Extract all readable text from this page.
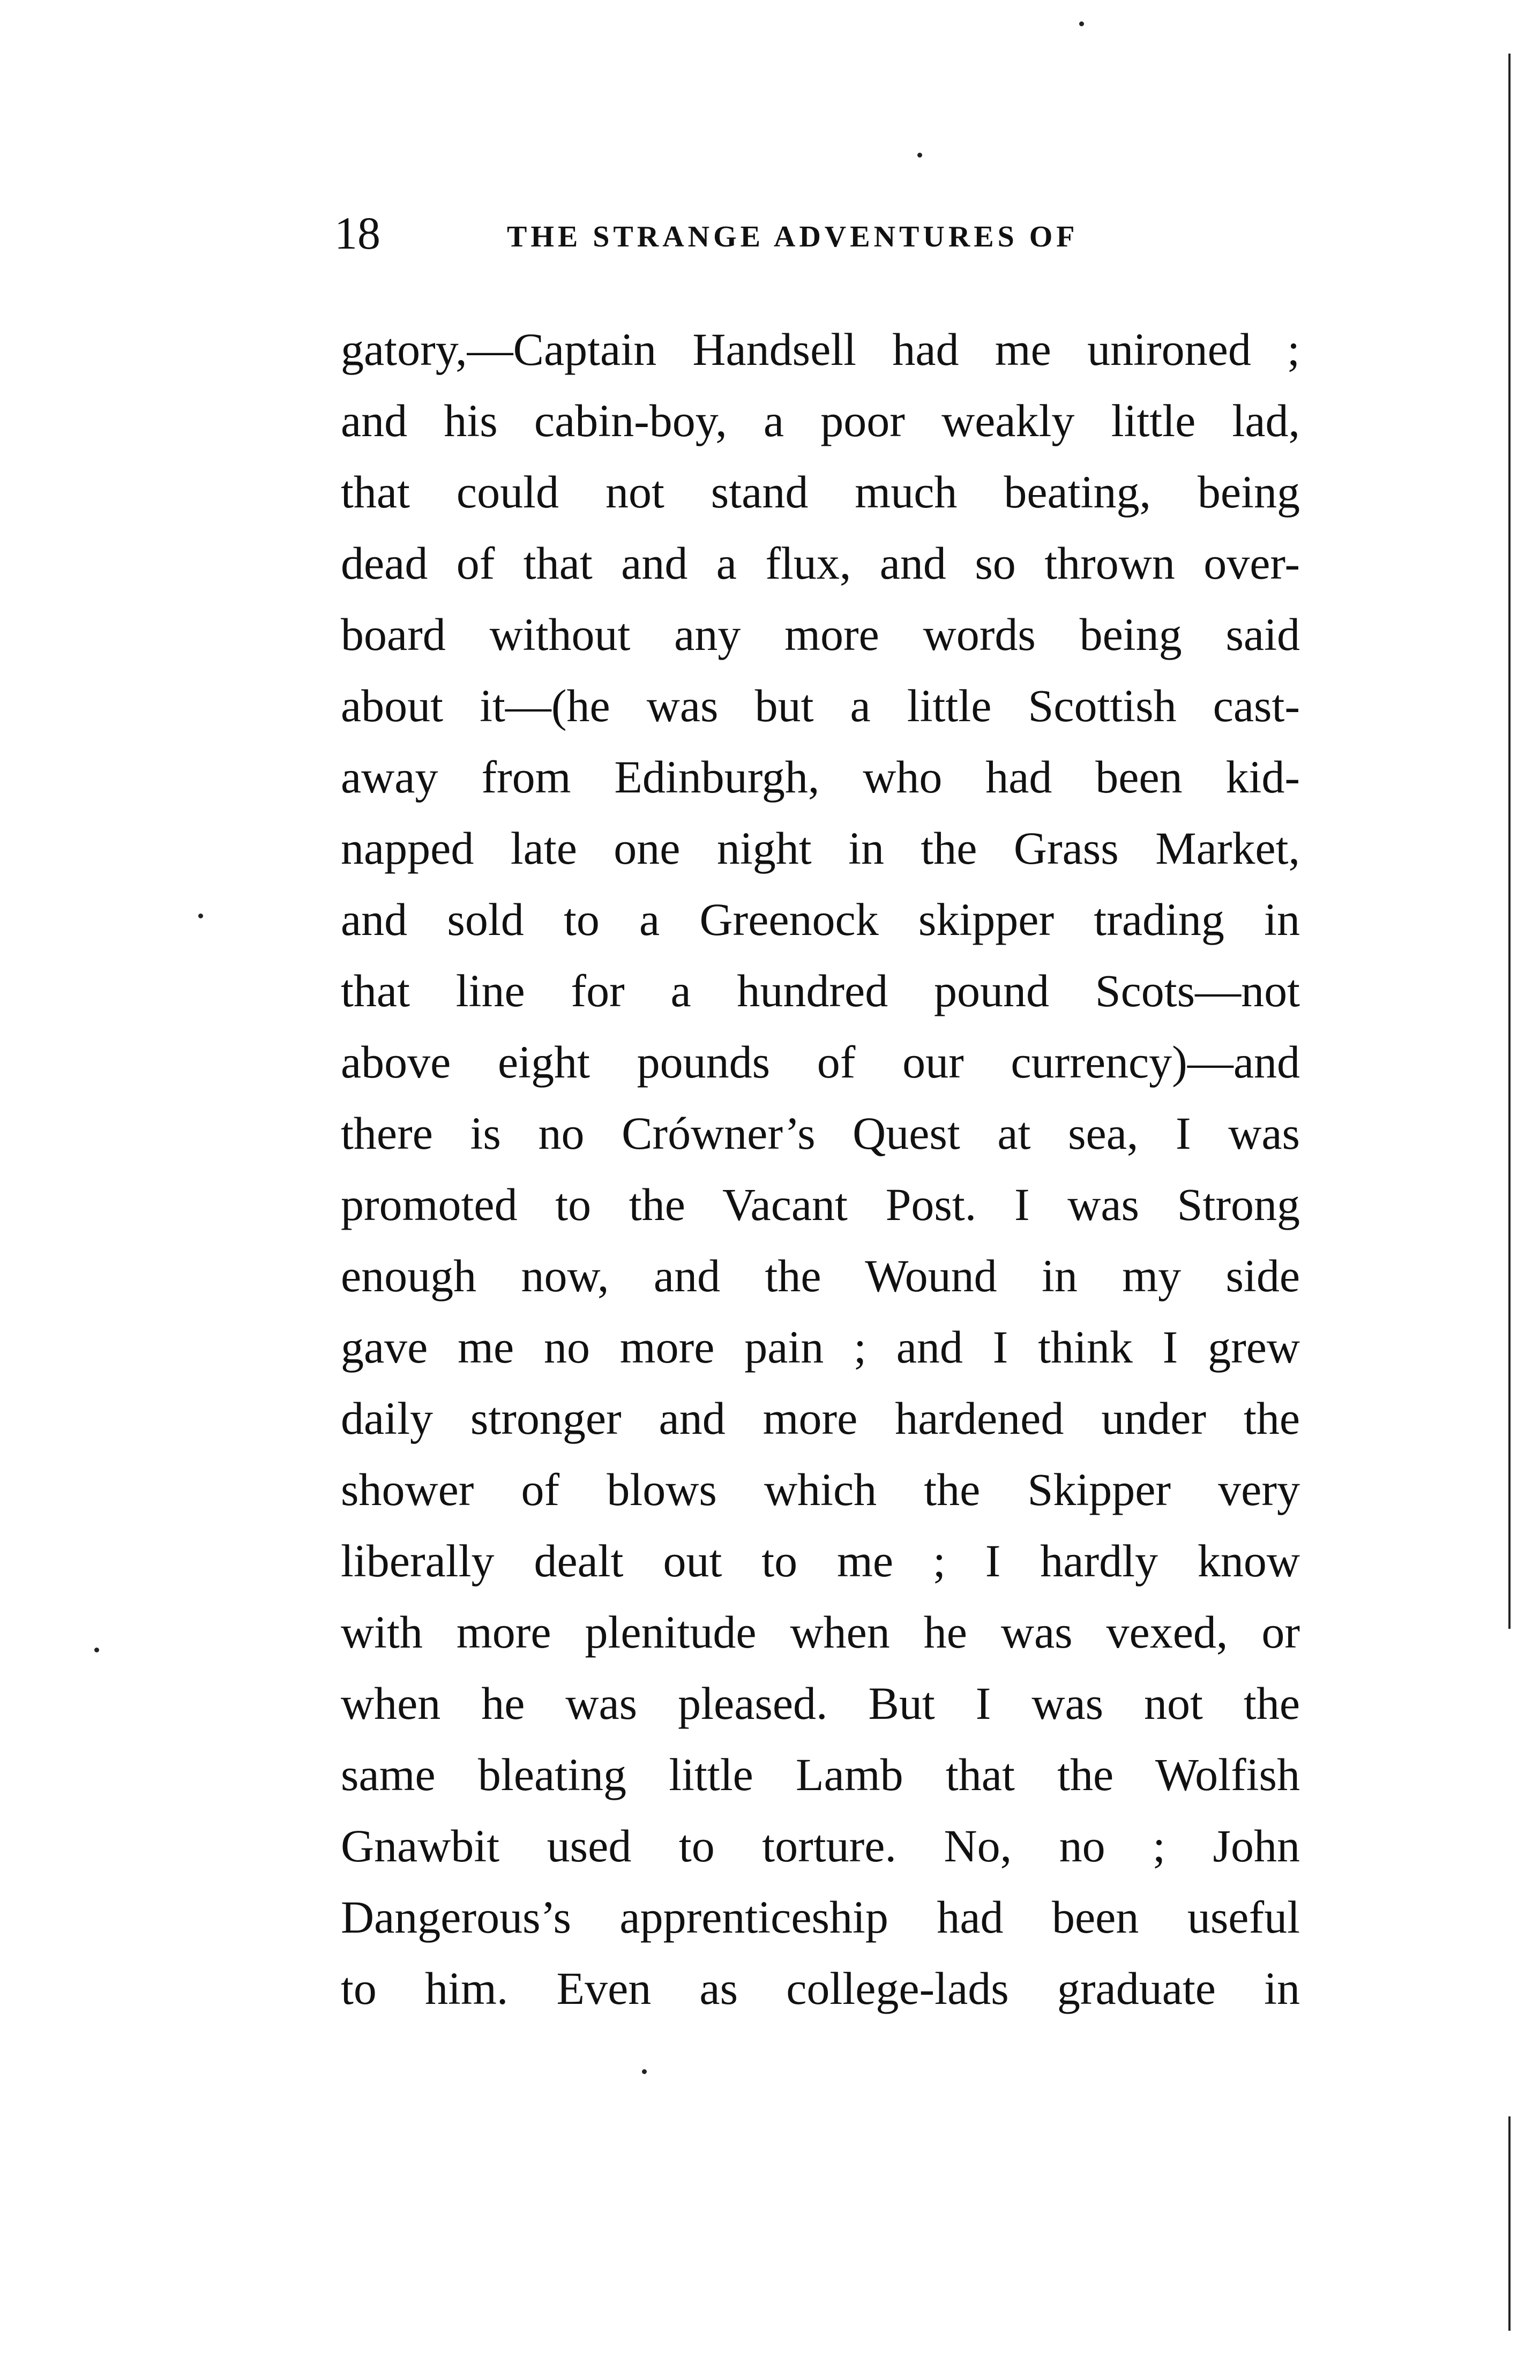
18	THE STRANGE ADVENTURES OF
gatory,—Captain Handsell had me unironed ;
and his cabin-boy, a poor weakly little lad,
that could not stand much beating, being
dead of that and a flux, and so thrown over-
board without any more words being said
about it—(he was but a little Scottish cast-
away from Edinburgh, who had been kid-
napped late one night in the Grass Market,
and sold to a Greenock skipper trading in
that line for a hundred pound Scots—not
above eight pounds of our currency)—and
there is no Crówner’s Quest at sea, I was
promoted to the Vacant Post. I was Strong
enough now, and the Wound in my side
gave me no more pain ; and I think I grew
daily stronger and more hardened under the
shower of blows which the Skipper very
liberally dealt out to me ; I hardly know
with more plenitude when he was vexed, or
when he was pleased. But I was not the
same bleating little Lamb that the Wolfish
Gnawbit used to torture. No, no ; John
Dangerous’s apprenticeship had been useful
to him. Even as college-lads graduate in
